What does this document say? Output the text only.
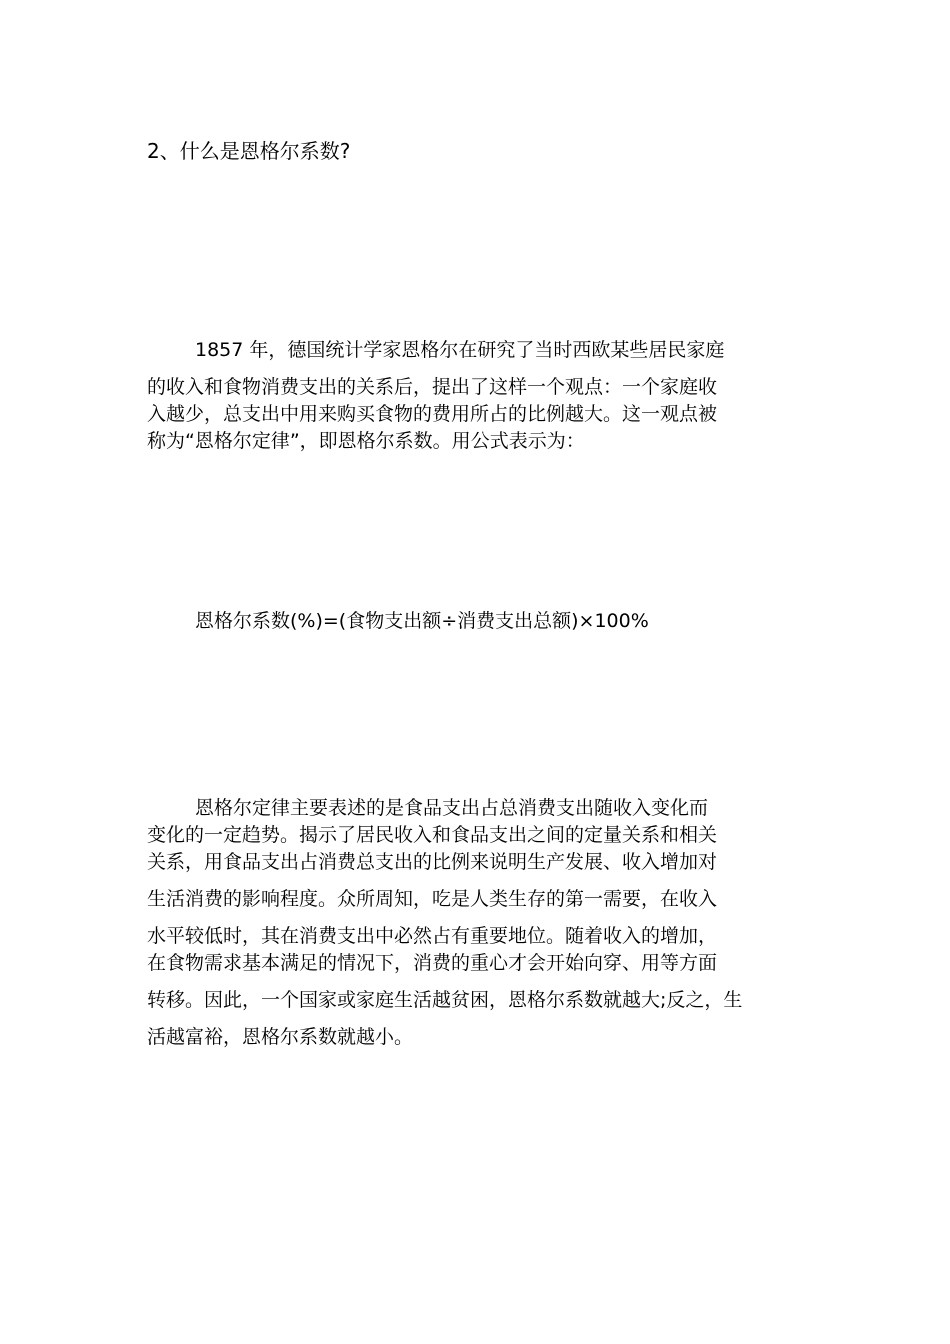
2、什么是恩格尔系数?
1857 年，德国统计学家恩格尔在研究了当时西欧某些居民家庭
的收入和食物消费支出的关系后，提出了这样一个观点：一个家庭收
入越少，总支出中用来购买食物的费用所占的比例越大。这一观点被
称为“恩格尔定律”，即恩格尔系数。用公式表示为：
恩格尔系数(%)=(食物支出额÷消费支出总额)×100%
恩格尔定律主要表述的是食品支出占总消费支出随收入变化而
变化的一定趋势。揭示了居民收入和食品支出之间的定量关系和相关
关系，用食品支出占消费总支出的比例来说明生产发展、收入增加对
生活消费的影响程度。众所周知，吃是人类生存的第一需要，在收入
水平较低时，其在消费支出中必然占有重要地位。随着收入的增加，
在食物需求基本满足的情况下，消费的重心才会开始向穿、用等方面
转移。因此，一个国家或家庭生活越贫困，恩格尔系数就越大;反之，生
活越富裕，恩格尔系数就越小。
